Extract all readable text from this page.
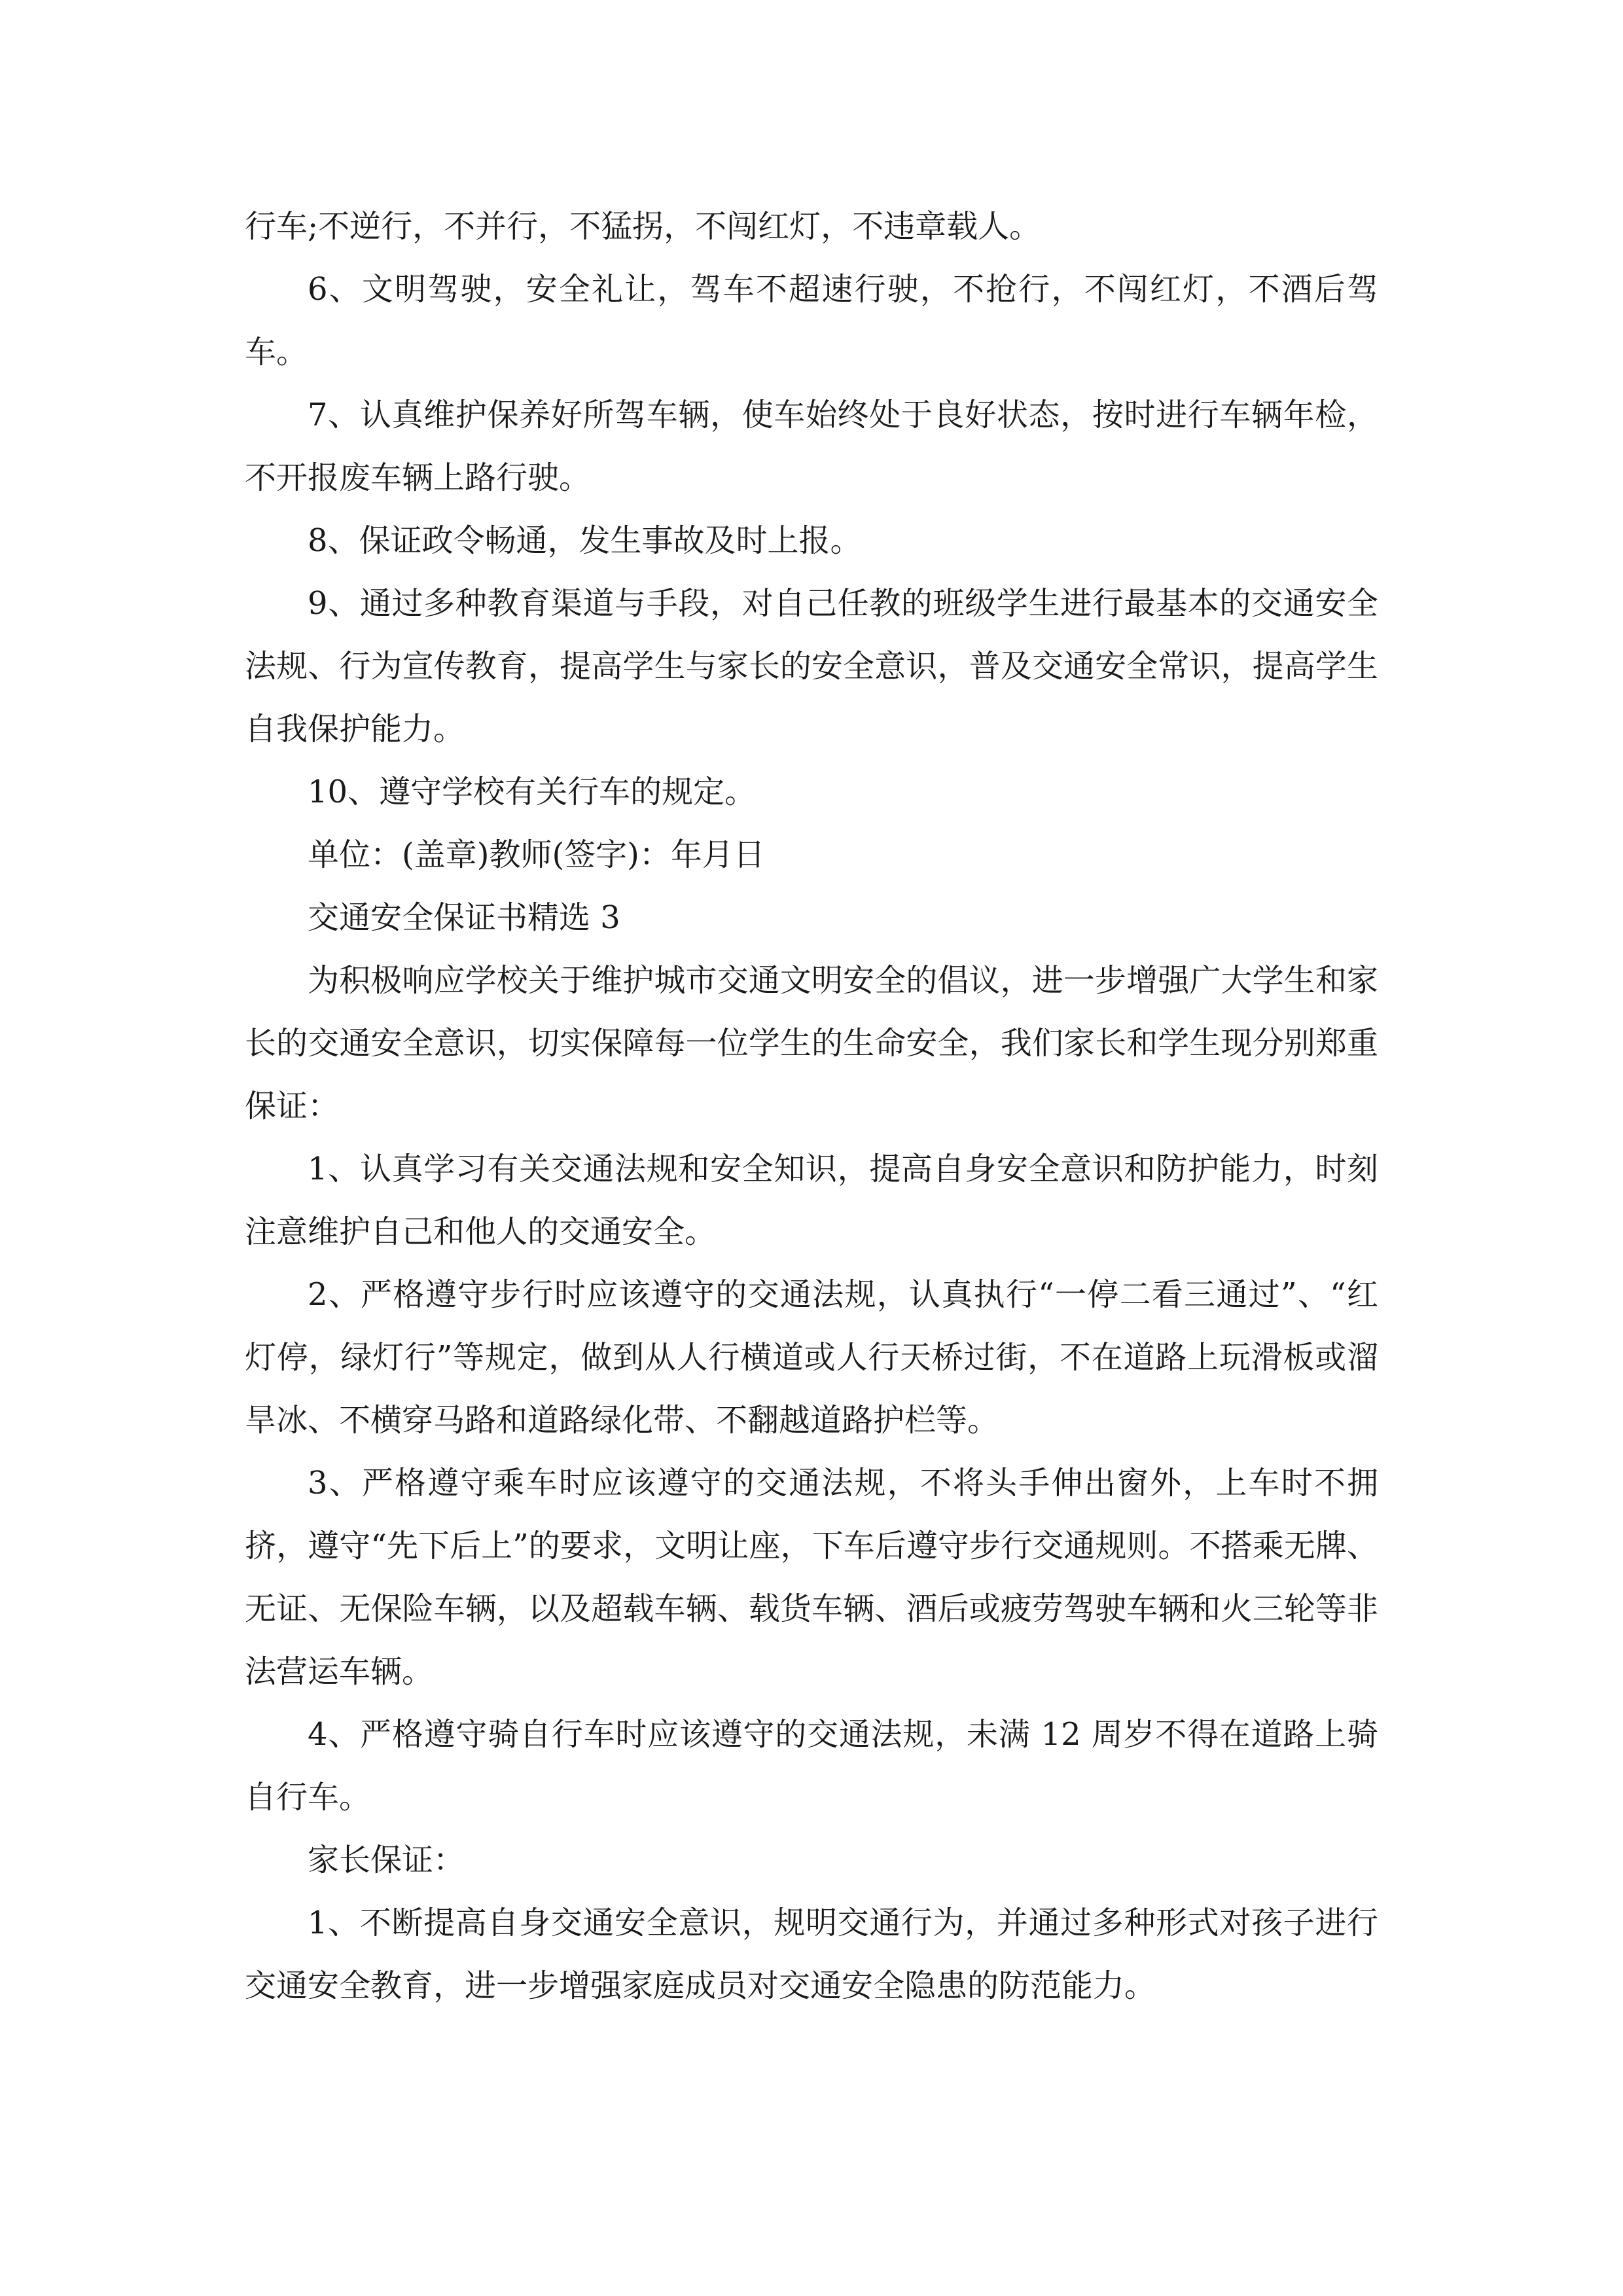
行车;不逆行，不并行，不猛拐，不闯红灯，不违章载人。

6、文明驾驶，安全礼让，驾车不超速行驶，不抢行，不闯红灯，不酒后驾车。

7、认真维护保养好所驾车辆，使车始终处于良好状态，按时进行车辆年检，不开报废车辆上路行驶。

8、保证政令畅通，发生事故及时上报。

9、通过多种教育渠道与手段，对自己任教的班级学生进行最基本的交通安全法规、行为宣传教育，提高学生与家长的安全意识，普及交通安全常识，提高学生自我保护能力。

10、遵守学校有关行车的规定。

单位：(盖章)教师(签字)：年月日

交通安全保证书精选 3

为积极响应学校关于维护城市交通文明安全的倡议，进一步增强广大学生和家长的交通安全意识，切实保障每一位学生的生命安全，我们家长和学生现分别郑重保证：

1、认真学习有关交通法规和安全知识，提高自身安全意识和防护能力，时刻注意维护自己和他人的交通安全。

2、严格遵守步行时应该遵守的交通法规，认真执行“一停二看三通过”、“红灯停，绿灯行”等规定，做到从人行横道或人行天桥过街，不在道路上玩滑板或溜旱冰、不横穿马路和道路绿化带、不翻越道路护栏等。

3、严格遵守乘车时应该遵守的交通法规，不将头手伸出窗外，上车时不拥挤，遵守“先下后上”的要求，文明让座，下车后遵守步行交通规则。不搭乘无牌、无证、无保险车辆，以及超载车辆、载货车辆、酒后或疲劳驾驶车辆和火三轮等非法营运车辆。

4、严格遵守骑自行车时应该遵守的交通法规，未满 12 周岁不得在道路上骑自行车。

家长保证：

1、不断提高自身交通安全意识，规明交通行为，并通过多种形式对孩子进行交通安全教育，进一步增强家庭成员对交通安全隐患的防范能力。
